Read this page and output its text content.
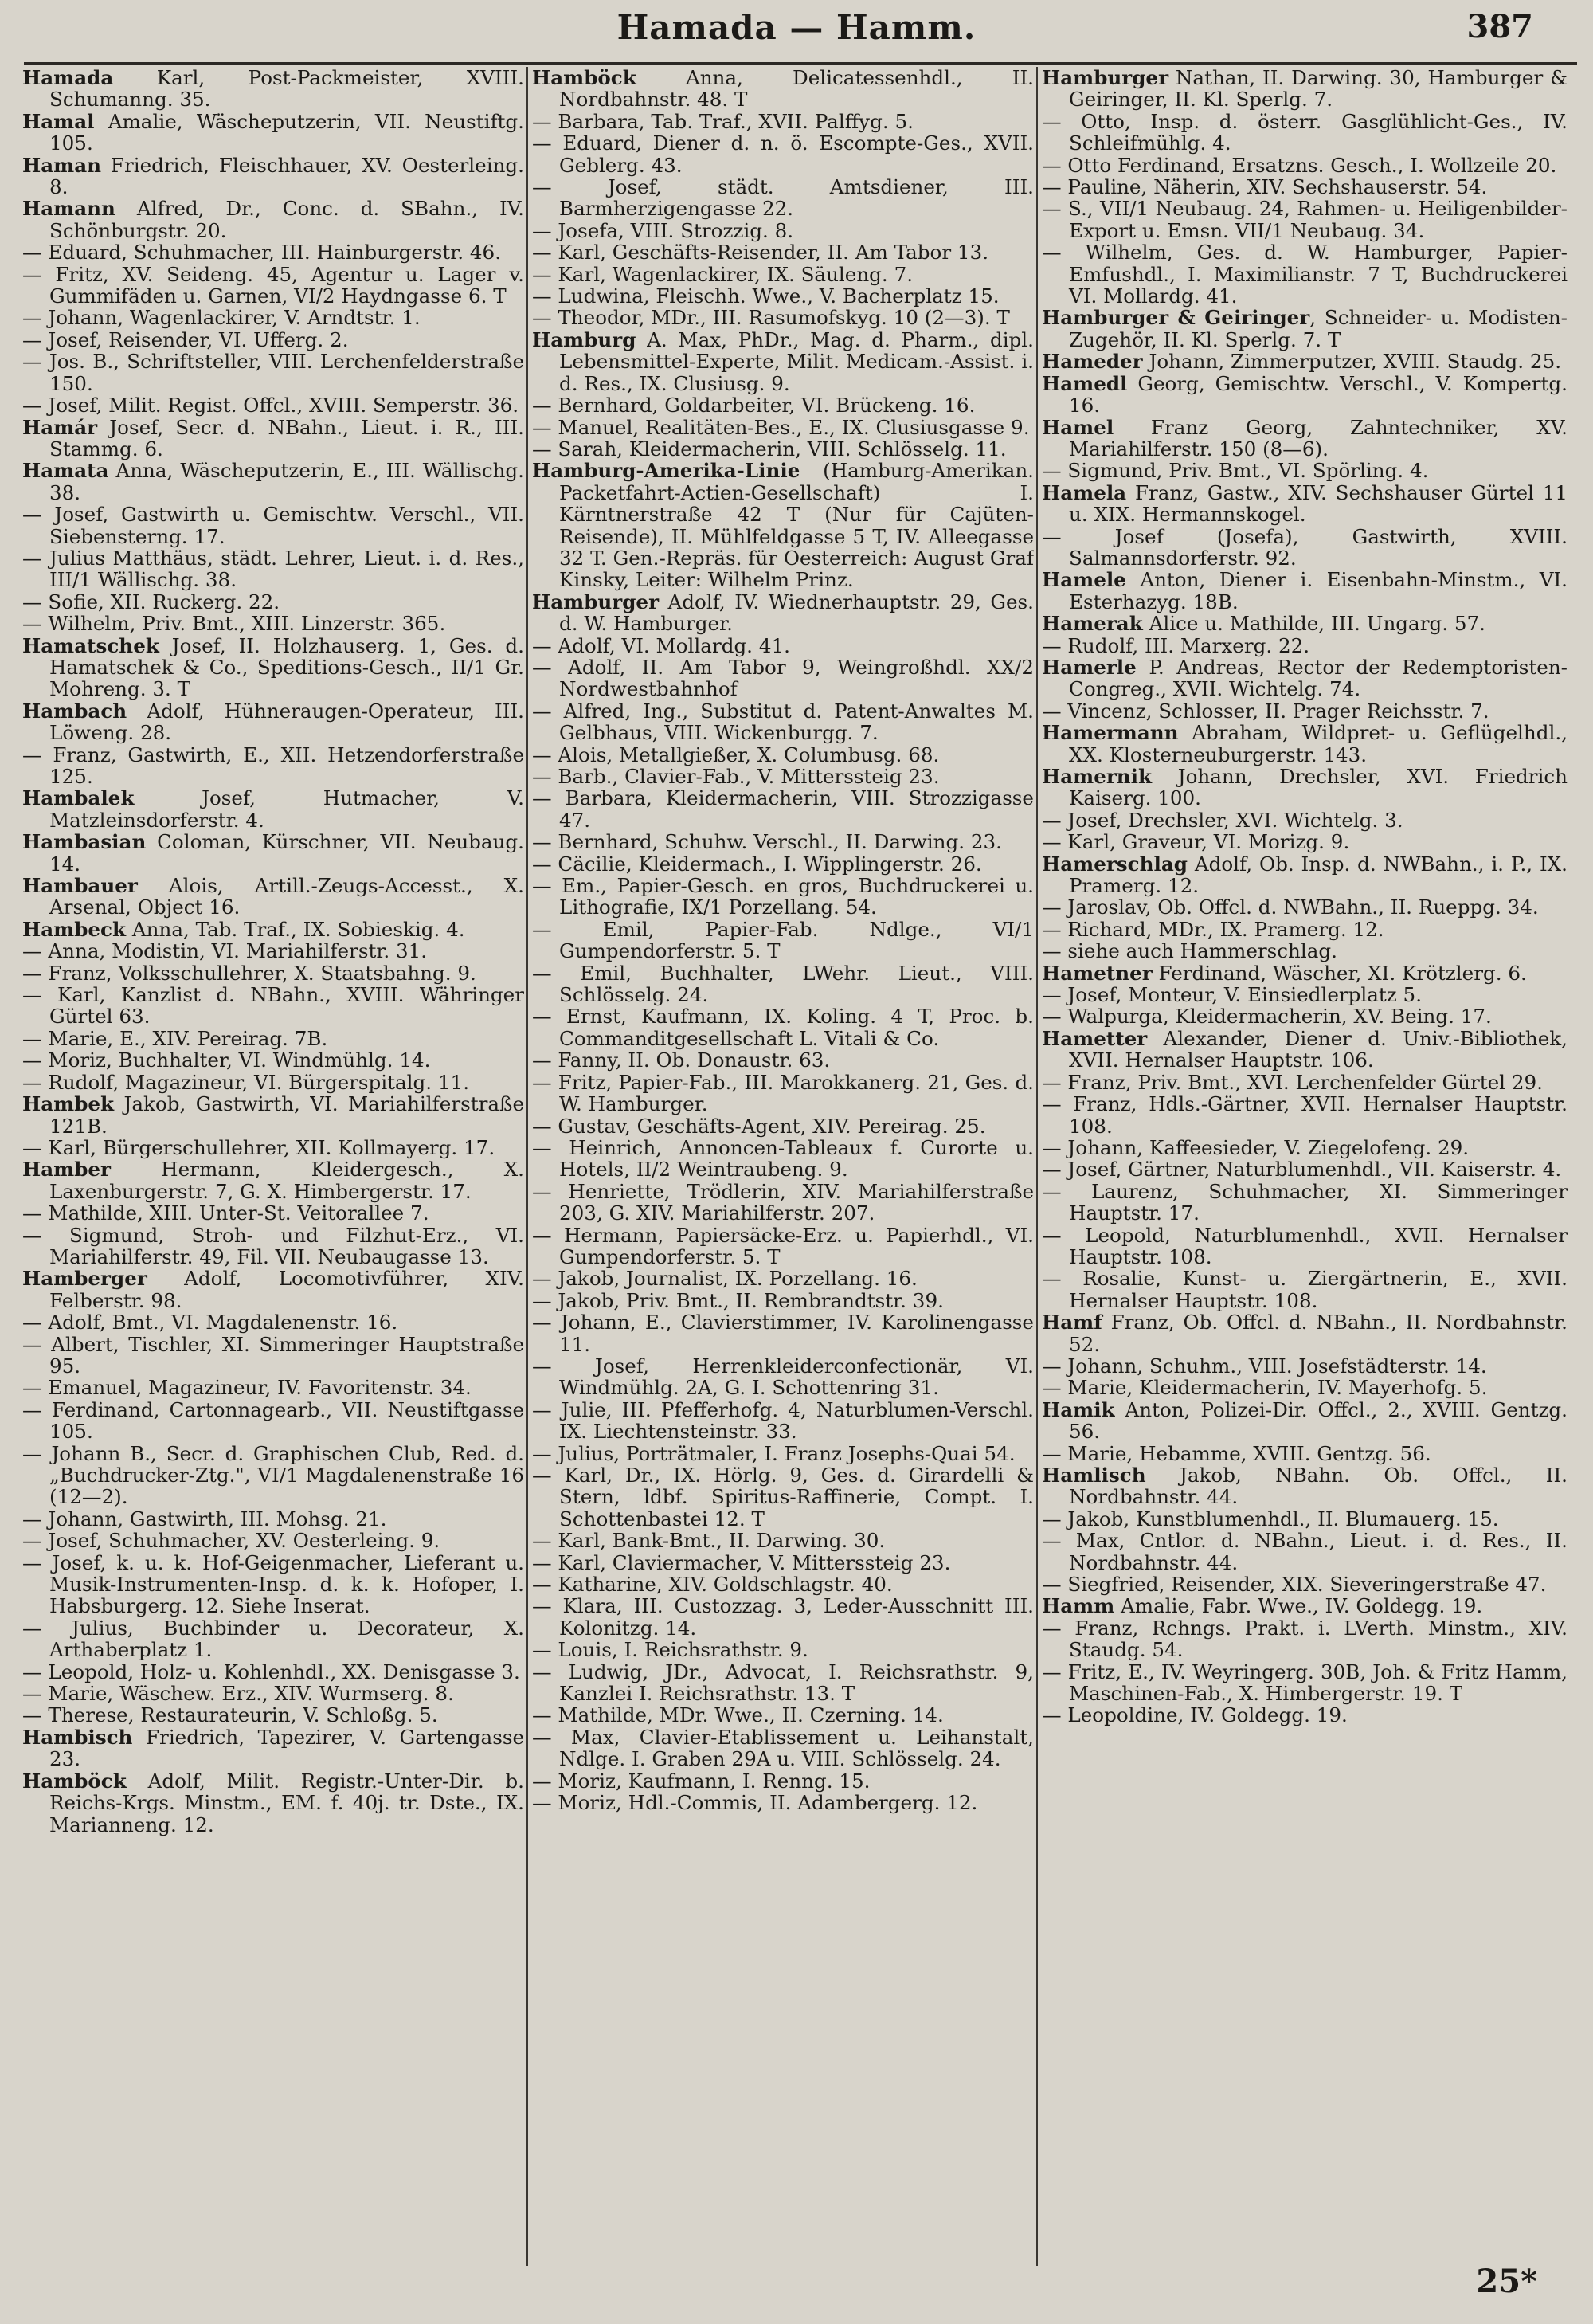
Hamada — Hamm.	387

Hamada Karl, Post-Packmeister, XVIII. Schumanng. 35.

Hamal Amalie, Wäscheputzerin, VII. Neustiftg. 105.

Haman Friedrich, Fleischhauer, XV. Oesterleing. 8.

Hamann Alfred, Dr., Conc. d. SBahn., IV. Schönburgstr. 20.

— Eduard, Schuhmacher, III. Hainburgerstr. 46.

— Fritz, XV. Seideng. 45, Agentur u. Lager v. Gummifäden u. Garnen, VI/2 Haydngasse 6. T

— Johann, Wagenlackirer, V. Arndtstr. 1.

— Josef, Reisender, VI. Ufferg. 2.

— Jos. B., Schriftsteller, VIII. Lerchenfelderstraße 150.

— Josef, Milit. Regist. Offcl., XVIII. Semperstr. 36.

Hamár Josef, Secr. d. NBahn., Lieut. i. R., III. Stammg. 6.

Hamata Anna, Wäscheputzerin, E., III. Wällischg. 38.

— Josef, Gastwirth u. Gemischtw. Verschl., VII. Siebensterng. 17.

— Julius Matthäus, städt. Lehrer, Lieut. i. d. Res., III/1 Wällischg. 38.

— Sofie, XII. Ruckerg. 22.

— Wilhelm, Priv. Bmt., XIII. Linzerstr. 365.

Hamatschek Josef, II. Holzhauserg. 1, Ges. d. Hamatschek & Co., Speditions-Gesch., II/1 Gr. Mohreng. 3. T

Hambach Adolf, Hühneraugen-Operateur, III. Löweng. 28.

— Franz, Gastwirth, E., XII. Hetzendorferstraße 125.

Hambalek Josef, Hutmacher, V. Matzleinsdorferstr. 4.

Hambasian Coloman, Kürschner, VII. Neubaug. 14.

Hambauer Alois, Artill.-Zeugs-Accesst., X. Arsenal, Object 16.

Hambeck Anna, Tab. Traf., IX. Sobieskig. 4.

— Anna, Modistin, VI. Mariahilferstr. 31.

— Franz, Volksschullehrer, X. Staatsbahng. 9.

— Karl, Kanzlist d. NBahn., XVIII. Währinger Gürtel 63.

— Marie, E., XIV. Pereirag. 7B.

— Moriz, Buchhalter, VI. Windmühlg. 14.

— Rudolf, Magazineur, VI. Bürgerspitalg. 11.

Hambek Jakob, Gastwirth, VI. Mariahilferstraße 121B.

— Karl, Bürgerschullehrer, XII. Kollmayerg. 17.

Hamber Hermann, Kleidergesch., X. Laxenburgerstr. 7, G. X. Himbergerstr. 17.

— Mathilde, XIII. Unter-St. Veitorallee 7.

— Sigmund, Stroh- und Filzhut-Erz., VI. Mariahilferstr. 49, Fil. VII. Neubaugasse 13.

Hamberger Adolf, Locomotivführer, XIV. Felberstr. 98.

— Adolf, Bmt., VI. Magdalenenstr. 16.

— Albert, Tischler, XI. Simmeringer Hauptstraße 95.

— Emanuel, Magazineur, IV. Favoritenstr. 34.

— Ferdinand, Cartonnagearb., VII. Neustiftgasse 105.

— Johann B., Secr. d. Graphischen Club, Red. d. „Buchdrucker-Ztg.", VI/1 Magdalenenstraße 16 (12—2).

— Johann, Gastwirth, III. Mohsg. 21.

— Josef, Schuhmacher, XV. Oesterleing. 9.

— Josef, k. u. k. Hof-Geigenmacher, Lieferant u. Musik-Instrumenten-Insp. d. k. k. Hofoper, I. Habsburgerg. 12. Siehe Inserat.

— Julius, Buchbinder u. Decorateur, X. Arthaberplatz 1.

— Leopold, Holz- u. Kohlenhdl., XX. Denisgasse 3.

— Marie, Wäschew. Erz., XIV. Wurmserg. 8.

— Therese, Restaurateurin, V. Schloßg. 5.

Hambisch Friedrich, Tapezirer, V. Gartengasse 23.

Hamböck Adolf, Milit. Registr.-Unter-Dir. b. Reichs-Krgs. Minstm., EM. f. 40j. tr. Dste., IX. Marianneng. 12.

Hamböck Anna, Delicatessenhdl., II. Nordbahnstr. 48. T

— Barbara, Tab. Traf., XVII. Palffyg. 5.

— Eduard, Diener d. n. ö. Escompte-Ges., XVII. Geblerg. 43.

— Josef, städt. Amtsdiener, III. Barmherzigengasse 22.

— Josefa, VIII. Strozzig. 8.

— Karl, Geschäfts-Reisender, II. Am Tabor 13.

— Karl, Wagenlackirer, IX. Säuleng. 7.

— Ludwina, Fleischh. Wwe., V. Bacherplatz 15.

— Theodor, MDr., III. Rasumofskyg. 10 (2—3). T

Hamburg A. Max, PhDr., Mag. d. Pharm., dipl. Lebensmittel-Experte, Milit. Medicam.-Assist. i. d. Res., IX. Clusiusg. 9.

— Bernhard, Goldarbeiter, VI. Brückeng. 16.

— Manuel, Realitäten-Bes., E., IX. Clusiusgasse 9.

— Sarah, Kleidermacherin, VIII. Schlösselg. 11.

Hamburg-Amerika-Linie (Hamburg-Amerikan. Packetfahrt-Actien-Gesellschaft) I. Kärntnerstraße 42 T (Nur für Cajüten-Reisende), II. Mühlfeldgasse 5 T, IV. Alleegasse 32 T. Gen.-Repräs. für Oesterreich: August Graf Kinsky, Leiter: Wilhelm Prinz.

Hamburger Adolf, IV. Wiednerhauptstr. 29, Ges. d. W. Hamburger.

— Adolf, VI. Mollardg. 41.

— Adolf, II. Am Tabor 9, Weingroßhdl. XX/2 Nordwestbahnhof

— Alfred, Ing., Substitut d. Patent-Anwaltes M. Gelbhaus, VIII. Wickenburgg. 7.

— Alois, Metallgießer, X. Columbusg. 68.

— Barb., Clavier-Fab., V. Mitterssteig 23.

— Barbara, Kleidermacherin, VIII. Strozzigasse 47.

— Bernhard, Schuhw. Verschl., II. Darwing. 23.

— Cäcilie, Kleidermach., I. Wipplingerstr. 26.

— Em., Papier-Gesch. en gros, Buchdruckerei u. Lithografie, IX/1 Porzellang. 54.

— Emil, Papier-Fab. Ndlge., VI/1 Gumpendorferstr. 5. T

— Emil, Buchhalter, LWehr. Lieut., VIII. Schlösselg. 24.

— Ernst, Kaufmann, IX. Koling. 4 T, Proc. b. Commanditgesellschaft L. Vitali & Co.

— Fanny, II. Ob. Donaustr. 63.

— Fritz, Papier-Fab., III. Marokkanerg. 21, Ges. d. W. Hamburger.

— Gustav, Geschäfts-Agent, XIV. Pereirag. 25.

— Heinrich, Annoncen-Tableaux f. Curorte u. Hotels, II/2 Weintraubeng. 9.

— Henriette, Trödlerin, XIV. Mariahilferstraße 203, G. XIV. Mariahilferstr. 207.

— Hermann, Papiersäcke-Erz. u. Papierhdl., VI. Gumpendorferstr. 5. T

— Jakob, Journalist, IX. Porzellang. 16.

— Jakob, Priv. Bmt., II. Rembrandtstr. 39.

— Johann, E., Clavierstimmer, IV. Karolinengasse 11.

— Josef, Herrenkleiderconfectionär, VI. Windmühlg. 2A, G. I. Schottenring 31.

— Julie, III. Pfefferhofg. 4, Naturblumen-Verschl. IX. Liechtensteinstr. 33.

— Julius, Porträtmaler, I. Franz Josephs-Quai 54.

— Karl, Dr., IX. Hörlg. 9, Ges. d. Girardelli & Stern, ldbf. Spiritus-Raffinerie, Compt. I. Schottenbastei 12. T

— Karl, Bank-Bmt., II. Darwing. 30.

— Karl, Claviermacher, V. Mitterssteig 23.

— Katharine, XIV. Goldschlagstr. 40.

— Klara, III. Custozzag. 3, Leder-Ausschnitt III. Kolonitzg. 14.

— Louis, I. Reichsrathstr. 9.

— Ludwig, JDr., Advocat, I. Reichsrathstr. 9, Kanzlei I. Reichsrathstr. 13. T

— Mathilde, MDr. Wwe., II. Czerning. 14.

— Max, Clavier-Etablissement u. Leihanstalt, Ndlge. I. Graben 29A u. VIII. Schlösselg. 24.

— Moriz, Kaufmann, I. Renng. 15.

— Moriz, Hdl.-Commis, II. Adambergerg. 12.

Hamburger Nathan, II. Darwing. 30, Hamburger & Geiringer, II. Kl. Sperlg. 7.

— Otto, Insp. d. österr. Gasglühlicht-Ges., IV. Schleifmühlg. 4.

— Otto Ferdinand, Ersatzns. Gesch., I. Wollzeile 20.

— Pauline, Näherin, XIV. Sechshauserstr. 54.

— S., VII/1 Neubaug. 24, Rahmen- u. Heiligenbilder-Export u. Emsn. VII/1 Neubaug. 34.

— Wilhelm, Ges. d. W. Hamburger, Papier-Emfushdl., I. Maximilianstr. 7 T, Buchdruckerei VI. Mollardg. 41.

Hamburger & Geiringer, Schneider- u. Modisten-Zugehör, II. Kl. Sperlg. 7. T

Hameder Johann, Zimmerputzer, XVIII. Staudg. 25.

Hamedl Georg, Gemischtw. Verschl., V. Kompertg. 16.

Hamel Franz Georg, Zahntechniker, XV. Mariahilferstr. 150 (8—6).

— Sigmund, Priv. Bmt., VI. Spörling. 4.

Hamela Franz, Gastw., XIV. Sechshauser Gürtel 11 u. XIX. Hermannskogel.

— Josef (Josefa), Gastwirth, XVIII. Salmannsdorferstr. 92.

Hamele Anton, Diener i. Eisenbahn-Minstm., VI. Esterhazyg. 18B.

Hamerak Alice u. Mathilde, III. Ungarg. 57.

— Rudolf, III. Marxerg. 22.

Hamerle P. Andreas, Rector der Redemptoristen-Congreg., XVII. Wichtelg. 74.

— Vincenz, Schlosser, II. Prager Reichsstr. 7.

Hamermann Abraham, Wildpret- u. Geflügelhdl., XX. Klosterneuburgerstr. 143.

Hamernik Johann, Drechsler, XVI. Friedrich Kaiserg. 100.

— Josef, Drechsler, XVI. Wichtelg. 3.

— Karl, Graveur, VI. Morizg. 9.

Hamerschlag Adolf, Ob. Insp. d. NWBahn., i. P., IX. Pramerg. 12.

— Jaroslav, Ob. Offcl. d. NWBahn., II. Rueppg. 34.

— Richard, MDr., IX. Pramerg. 12.

— siehe auch Hammerschlag.

Hametner Ferdinand, Wäscher, XI. Krötzlerg. 6.

— Josef, Monteur, V. Einsiedlerplatz 5.

— Walpurga, Kleidermacherin, XV. Being. 17.

Hametter Alexander, Diener d. Univ.-Bibliothek, XVII. Hernalser Hauptstr. 106.

— Franz, Priv. Bmt., XVI. Lerchenfelder Gürtel 29.

— Franz, Hdls.-Gärtner, XVII. Hernalser Hauptstr. 108.

— Johann, Kaffeesieder, V. Ziegelofeng. 29.

— Josef, Gärtner, Naturblumenhdl., VII. Kaiserstr. 4.

— Laurenz, Schuhmacher, XI. Simmeringer Hauptstr. 17.

— Leopold, Naturblumenhdl., XVII. Hernalser Hauptstr. 108.

— Rosalie, Kunst- u. Ziergärtnerin, E., XVII. Hernalser Hauptstr. 108.

Hamf Franz, Ob. Offcl. d. NBahn., II. Nordbahnstr. 52.

— Johann, Schuhm., VIII. Josefstädterstr. 14.

— Marie, Kleidermacherin, IV. Mayerhofg. 5.

Hamik Anton, Polizei-Dir. Offcl., 2., XVIII. Gentzg. 56.

— Marie, Hebamme, XVIII. Gentzg. 56.

Hamlisch Jakob, NBahn. Ob. Offcl., II. Nordbahnstr. 44.

— Jakob, Kunstblumenhdl., II. Blumauerg. 15.

— Max, Cntlor. d. NBahn., Lieut. i. d. Res., II. Nordbahnstr. 44.

— Siegfried, Reisender, XIX. Sieveringerstraße 47.

Hamm Amalie, Fabr. Wwe., IV. Goldegg. 19.

— Franz, Rchngs. Prakt. i. LVerth. Minstm., XIV. Staudg. 54.

— Fritz, E., IV. Weyringerg. 30B, Joh. & Fritz Hamm, Maschinen-Fab., X. Himbergerstr. 19. T

— Leopoldine, IV. Goldegg. 19.

25*
